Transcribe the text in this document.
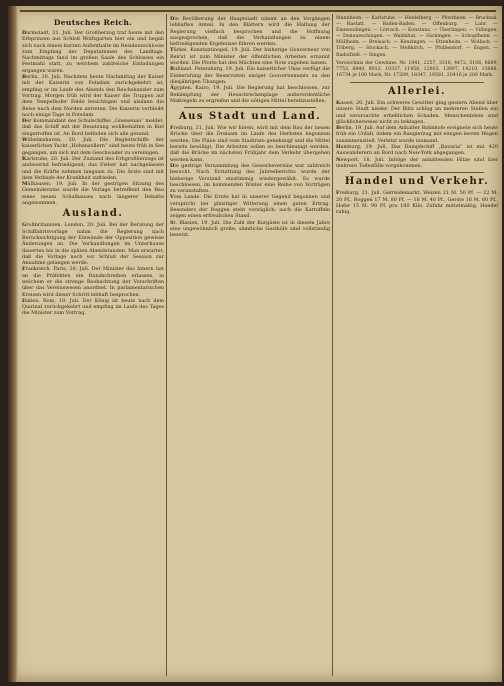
Deutsches Reich.

Darmstadt, 21. Juli. Der Großherzog traf heute mit den Erbprinzen aus Schloß Wolfsgarten hier ein und begab sich nach einem kurzen Aufenthalte im Residenzschlosse zum Empfang der Deputationen des Landtags. Nachmittags fand im großen Saale des Schlosses ein Festmahl statt, zu welchem zahlreiche Einladungen ergangen waren.

Berlin, 20. Juli. Nachdem heute Nachmittag der Kaiser mit der Kaiserin von Potsdam zurückgekehrt ist, empfing er im Laufe des Abends den Reichskanzler zum Vortrag. Morgen früh wird der Kaiser die Truppen auf dem Tempelhofer Felde besichtigen und alsdann die Reise nach dem Norden antreten. Die Kaiserin verbleibt noch einige Tage in Potsdam.

Der Kommandant des Schulschiffes „Gneisenau“ meldet, daß das Schiff mit der Besatzung wohlbehalten in Kiel eingetroffen ist. An Bord befinden sich alle gesund.

Wilhelmshaven, 20. Juli. Die Begleitschiffe der kaiserlichen Yacht „Hohenzollern“ sind heute früh in See gegangen, um sich mit dem Geschwader zu vereinigen.

Karlsruhe, 20. Juli. Der Zustand des Erbgroßherzogs ist andauernd befriedigend; das Fieber hat nachgelassen und die Kräfte nehmen langsam zu. Die Ärzte sind mit dem Verlaufe der Krankheit zufrieden.

Mülhausen, 19. Juli. In der gestrigen Sitzung des Gemeinderates wurde die Vorlage betreffend den Bau eines neuen Schulhauses nach längerer Debatte angenommen.

Ausland.

Großbritannien. London, 20. Juli. Bei der Beratung der Schiffahrtsvorlage nahm die Regierung nach Berücksichtigung der Einwände der Opposition gewisse Änderungen an. Die Verhandlungen im Unterhause dauerten bis in die späten Abendstunden. Man erwartet, daß die Vorlage noch vor Schluß der Session zur Annahme gelangen werde.

Frankreich. Paris, 20. Juli. Der Minister des Innern hat an die Präfekten ein Rundschreiben erlassen, in welchem er die strenge Beobachtung der Vorschriften über das Vereinswesen anordnet. In parlamentarischen Kreisen wird dieser Schritt lebhaft besprochen.

Italien. Rom, 19. Juli. Der König ist heute nach dem Quirinal zurückgekehrt und empfing im Laufe des Tages die Minister zum Vortrag.

Die Bevölkerung der Hauptstadt nimmt an den Vorgängen lebhaften Anteil. In den Blättern wird die Haltung der Regierung vielfach besprochen und die Hoffnung ausgesprochen, daß die Verhandlungen zu einem befriedigenden Ergebnisse führen werden.

Türkei. Konstantinopel, 19. Juli. Der bisherige Gouverneur von Beirut ist zum Minister der öffentlichen Arbeiten ernannt worden. Die Pforte hat den Mächten eine Note zugehen lassen.

Rußland. Petersburg, 19. Juli. Ein kaiserlicher Ukas verfügt die Einberufung der Reservisten einiger Gouvernements zu den diesjährigen Übungen.

Ägypten. Kairo, 19. Juli. Die Regierung hat beschlossen, zur Bekämpfung der Heuschreckenplage außerordentliche Maßregeln zu ergreifen und die nötigen Mittel bereitzustellen.

Aus Stadt und Land.

Freiburg, 21. Juli. Wie wir hören, wird mit dem Bau der neuen Brücke über die Dreisam im Laufe des Herbstes begonnen werden. Die Pläne sind vom Stadtrate genehmigt und die Mittel bereits bewilligt. Die Arbeiten sollen so beschleunigt werden, daß die Brücke im nächsten Frühjahr dem Verkehr übergeben werden kann.

Die gestrige Versammlung des Gewerbevereins war zahlreich besucht. Nach Erstattung des Jahresberichts wurde der bisherige Vorstand einstimmig wiedergewählt. Es wurde beschlossen, im kommenden Winter eine Reihe von Vorträgen zu veranstalten.

Vom Lande. Die Ernte hat in unserer Gegend begonnen und verspricht bei günstiger Witterung einen guten Ertrag. Besonders der Roggen steht vorzüglich; auch die Kartoffeln zeigen einen erfreulichen Stand.

St. Blasien, 19. Juli. Die Zahl der Kurgäste ist in diesem Jahre eine ungewöhnlich große; sämtliche Gasthöfe sind vollständig besetzt.

Mannheim. — Karlsruhe. — Heidelberg. — Pforzheim. — Bruchsal. — Rastatt. — Baden-Baden. — Offenburg. — Lahr. — Emmendingen. — Lörrach. — Konstanz. — Überlingen. — Villingen. — Donaueschingen. — Waldshut. — Säckingen. — Schopfheim. — Müllheim. — Breisach. — Kenzingen. — Ettenheim. — Wolfach. — Triberg. — Stockach. — Meßkirch. — Pfullendorf. — Engen. — Radolfzell. — Singen.

Verzeichnis der Gewinne: Nr. 1041, 2257, 3318, 4472, 5106, 6689, 7753, 8840, 9012, 10327, 11456, 12803, 13997, 14210, 15688, 16734 je 100 Mark; Nr. 17209, 18347, 19581, 20416 je 200 Mark.

Allerlei.

Kassel, 20. Juli. Ein schweres Gewitter ging gestern Abend über unsere Stadt nieder. Der Blitz schlug an mehreren Stellen ein und verursachte erheblichen Schaden. Menschenleben sind glücklicherweise nicht zu beklagen.

Berlin, 19. Juli. Auf dem Anhalter Bahnhofe ereignete sich heute früh ein Unfall, indem ein Rangierzug mit einigen leeren Wagen zusammenstieß. Verletzt wurde niemand.

Hamburg, 19. Juli. Das Dampfschiff „Bavaria“ ist mit 420 Auswanderern an Bord nach New-York abgegangen.

Newport, 18. Juli. Infolge der anhaltenden Hitze sind hier mehrere Todesfälle vorgekommen.

Handel und Verkehr.

Freiburg, 21. Juli. Getreidemarkt. Weizen 21 M. 50 Pf. — 22 M. 20 Pf., Roggen 17 M. 80 Pf. — 18 M. 40 Pf., Gerste 16 M. 60 Pf., Hafer 15 M. 90 Pf. pro 100 Kilo. Zufuhr mittelmäßig, Handel ruhig.
